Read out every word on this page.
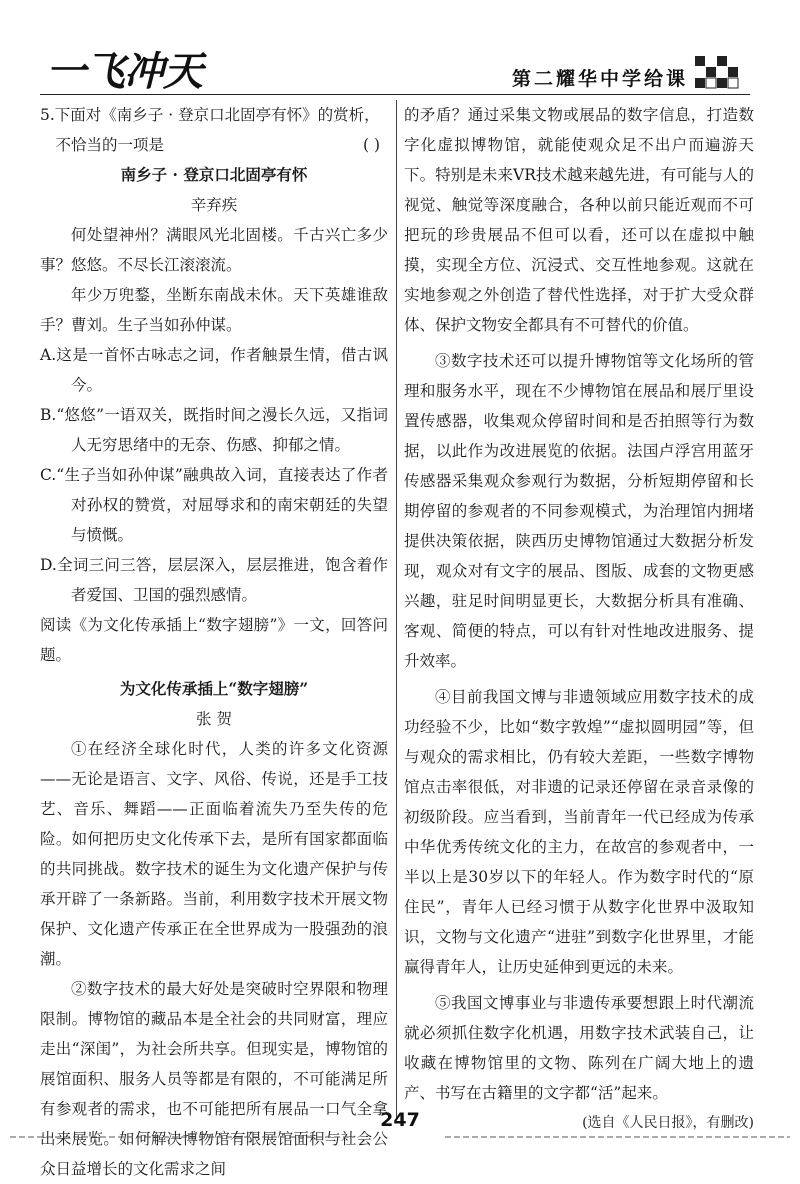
一飞冲天	第二耀华中学给课
5.下面对《南乡子 · 登京口北固亭有怀》的赏析，
不恰当的一项是	( )

南乡子 · 登京口北固亭有怀

辛弃疾

何处望神州？满眼风光北固楼。千古兴亡多少事？悠悠。不尽长江滚滚流。

年少万兜鍪，坐断东南战未休。天下英雄谁敌手？曹刘。生子当如孙仲谋。

A.这是一首怀古咏志之词，作者触景生情，借古讽今。

B.“悠悠”一语双关，既指时间之漫长久远，又指词人无穷思绪中的无奈、伤感、抑郁之情。

C.“生子当如孙仲谋”融典故入词，直接表达了作者对孙权的赞赏，对屈辱求和的南宋朝廷的失望与愤慨。

D.全词三问三答，层层深入，层层推进，饱含着作者爱国、卫国的强烈感情。

阅读《为文化传承插上“数字翅膀”》一文，回答问题。

为文化传承插上“数字翅膀”

张 贺

①在经济全球化时代，人类的许多文化资源——无论是语言、文字、风俗、传说，还是手工技艺、音乐、舞蹈——正面临着流失乃至失传的危险。如何把历史文化传承下去，是所有国家都面临的共同挑战。数字技术的诞生为文化遗产保护与传承开辟了一条新路。当前，利用数字技术开展文物保护、文化遗产传承正在全世界成为一股强劲的浪潮。

②数字技术的最大好处是突破时空界限和物理限制。博物馆的藏品本是全社会的共同财富，理应走出“深闺”，为社会所共享。但现实是，博物馆的展馆面积、服务人员等都是有限的，不可能满足所有参观者的需求，也不可能把所有展品一口气全拿出来展览。如何解决博物馆有限展馆面积与社会公众日益增长的文化需求之间

的矛盾？通过采集文物或展品的数字信息，打造数字化虚拟博物馆，就能使观众足不出户而遍游天下。特别是未来VR技术越来越先进，有可能与人的视觉、触觉等深度融合，各种以前只能近观而不可把玩的珍贵展品不但可以看，还可以在虚拟中触摸，实现全方位、沉浸式、交互性地参观。这就在实地参观之外创造了替代性选择，对于扩大受众群体、保护文物安全都具有不可替代的价值。

③数字技术还可以提升博物馆等文化场所的管理和服务水平，现在不少博物馆在展品和展厅里设置传感器，收集观众停留时间和是否拍照等行为数据，以此作为改进展览的依据。法国卢浮宫用蓝牙传感器采集观众参观行为数据，分析短期停留和长期停留的参观者的不同参观模式，为治理馆内拥堵提供决策依据，陕西历史博物馆通过大数据分析发现，观众对有文字的展品、图版、成套的文物更感兴趣，驻足时间明显更长，大数据分析具有准确、客观、简便的特点，可以有针对性地改进服务、提升效率。

④目前我国文博与非遗领域应用数字技术的成功经验不少，比如“数字敦煌”“虚拟圆明园”等，但与观众的需求相比，仍有较大差距，一些数字博物馆点击率很低，对非遗的记录还停留在录音录像的初级阶段。应当看到，当前青年一代已经成为传承中华优秀传统文化的主力，在故宫的参观者中，一半以上是30岁以下的年轻人。作为数字时代的“原住民”，青年人已经习惯于从数字化世界中汲取知识，文物与文化遗产“进驻”到数字化世界里，才能赢得青年人，让历史延伸到更远的未来。

⑤我国文博事业与非遗传承要想跟上时代潮流就必须抓住数字化机遇，用数字技术武装自己，让收藏在博物馆里的文物、陈列在广阔大地上的遗产、书写在古籍里的文字都“活”起来。

(选自《人民日报》，有删改)

247
